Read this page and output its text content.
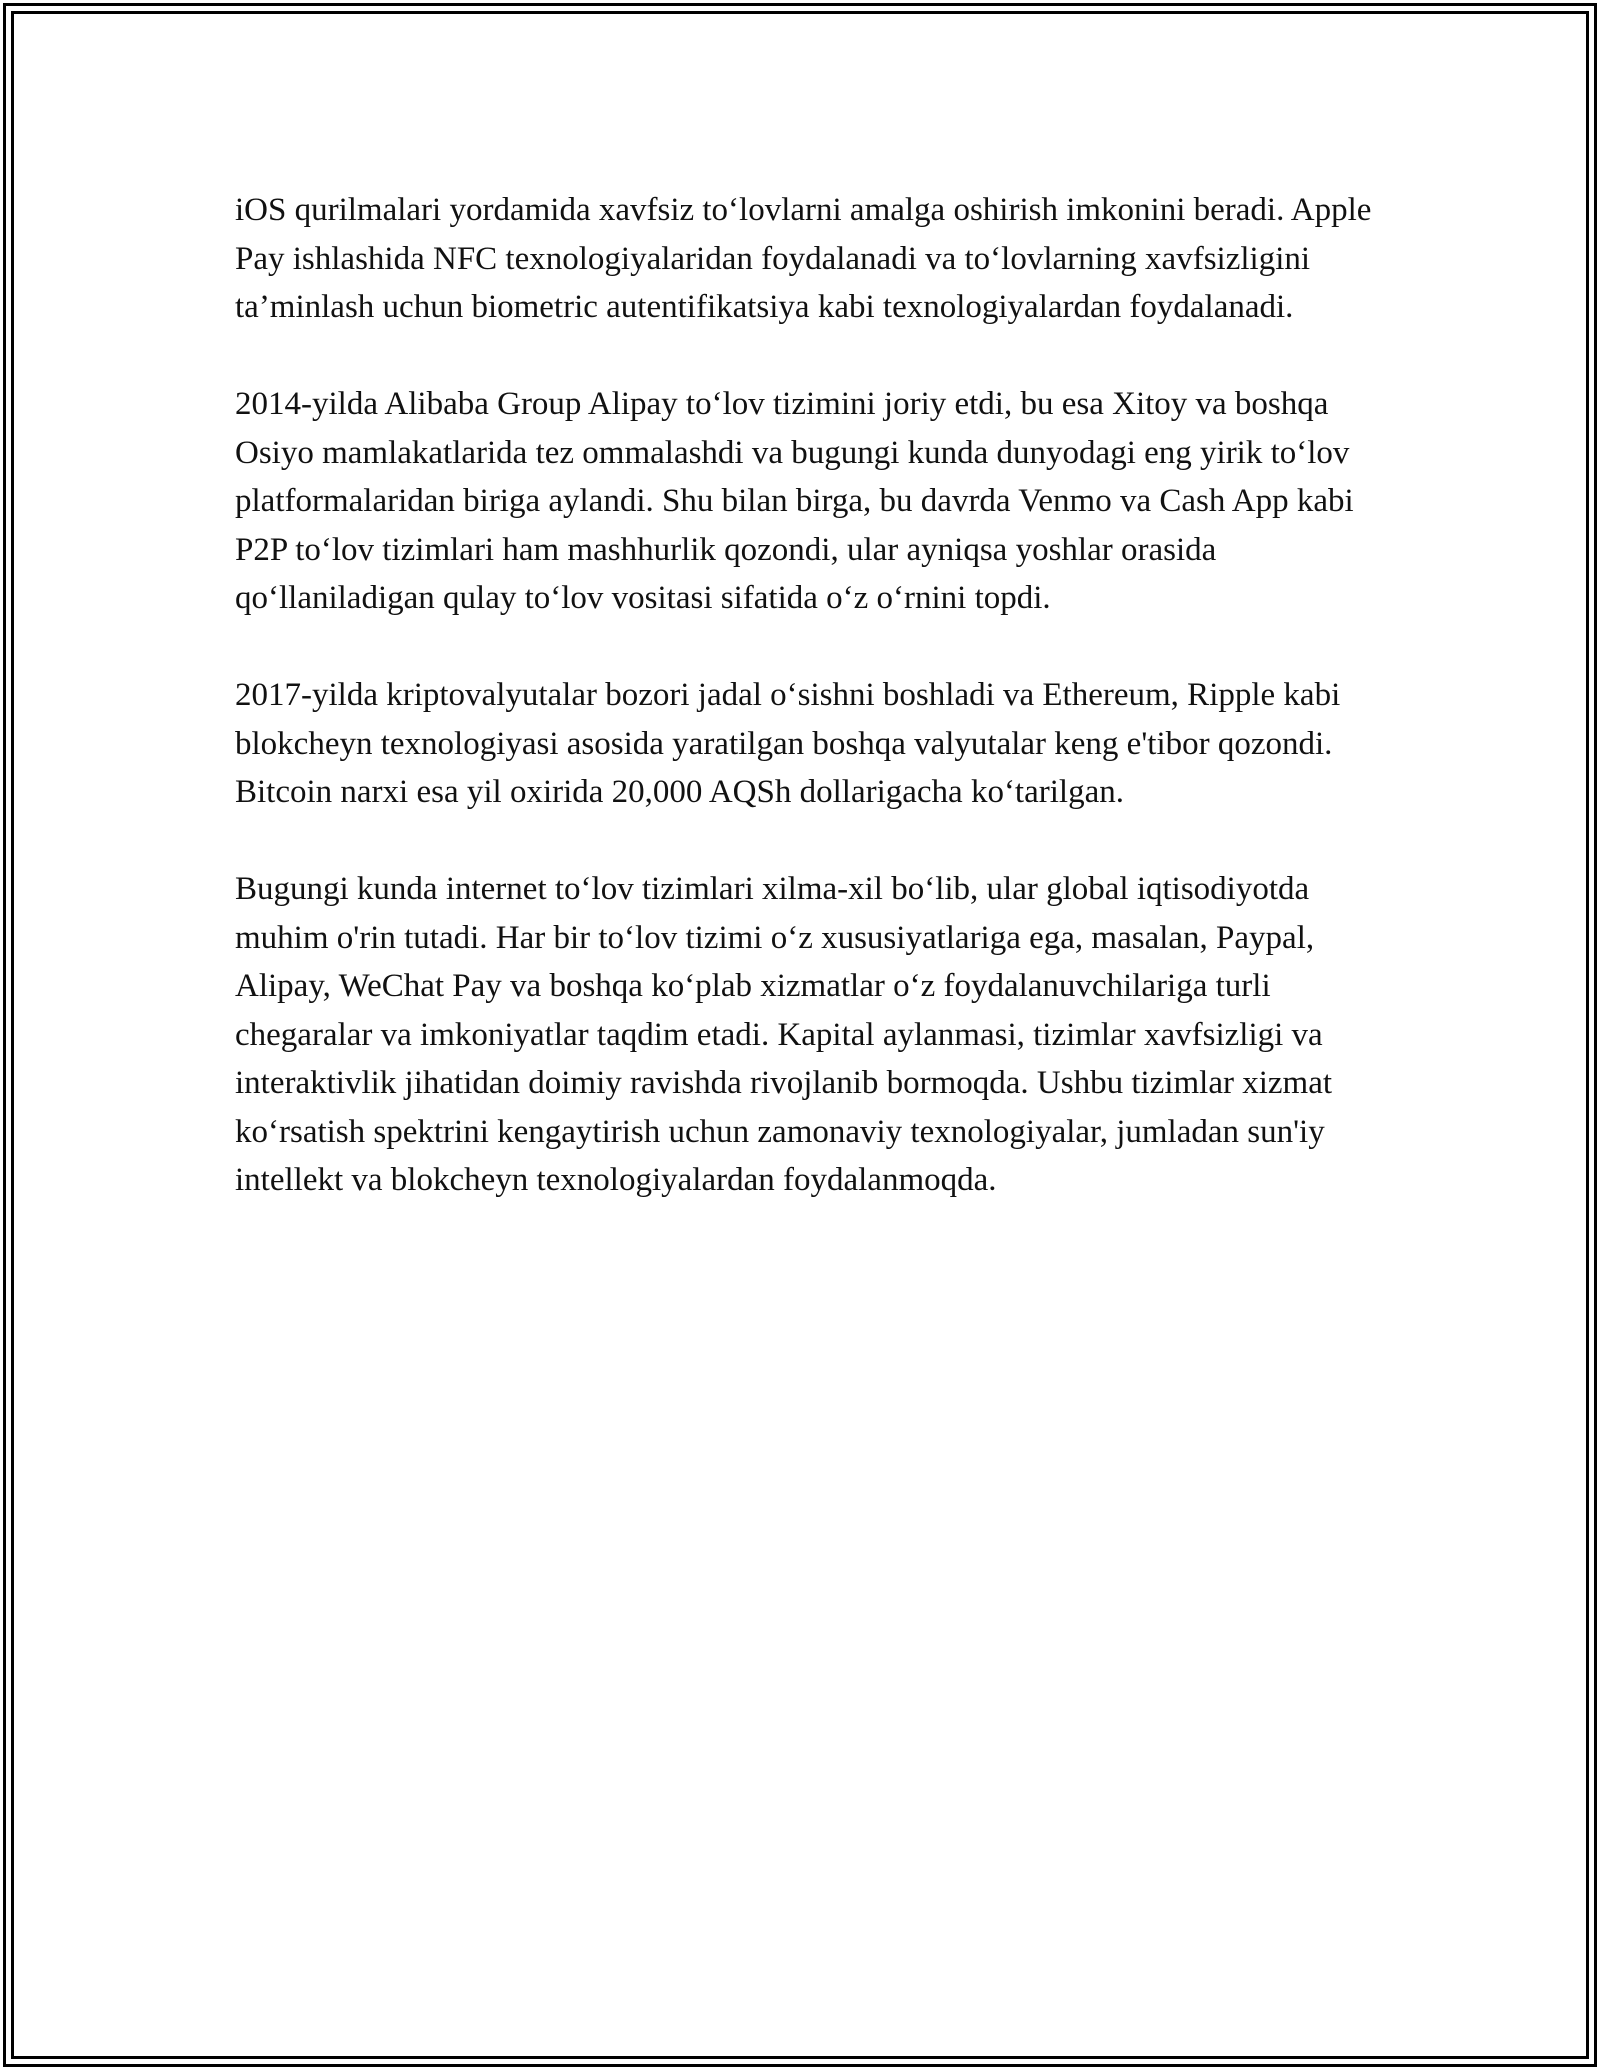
iOS qurilmalari yordamida xavfsiz to‘lovlarni amalga oshirish imkonini beradi. Apple Pay ishlashida NFC texnologiyalaridan foydalanadi va to‘lovlarning xavfsizligini ta’minlash uchun biometric autentifikatsiya kabi texnologiyalardan foydalanadi.

2014-yilda Alibaba Group Alipay to‘lov tizimini joriy etdi, bu esa Xitoy va boshqa Osiyo mamlakatlarida tez ommalashdi va bugungi kunda dunyodagi eng yirik to‘lov platformalaridan biriga aylandi. Shu bilan birga, bu davrda Venmo va Cash App kabi P2P to‘lov tizimlari ham mashhurlik qozondi, ular ayniqsa yoshlar orasida qo‘llaniladigan qulay to‘lov vositasi sifatida o‘z o‘rnini topdi.

2017-yilda kriptovalyutalar bozori jadal o‘sishni boshladi va Ethereum, Ripple kabi blokcheyn texnologiyasi asosida yaratilgan boshqa valyutalar keng e'tibor qozondi. Bitcoin narxi esa yil oxirida 20,000 AQSh dollarigacha ko‘tarilgan.

Bugungi kunda internet to‘lov tizimlari xilma-xil bo‘lib, ular global iqtisodiyotda muhim o'rin tutadi. Har bir to‘lov tizimi o‘z xususiyatlariga ega, masalan, Paypal, Alipay, WeChat Pay va boshqa ko‘plab xizmatlar o‘z foydalanuvchilariga turli chegaralar va imkoniyatlar taqdim etadi. Kapital aylanmasi, tizimlar xavfsizligi va interaktivlik jihatidan doimiy ravishda rivojlanib bormoqda. Ushbu tizimlar xizmat ko‘rsatish spektrini kengaytirish uchun zamonaviy texnologiyalar, jumladan sun'iy intellekt va blokcheyn texnologiyalardan foydalanmoqda.
